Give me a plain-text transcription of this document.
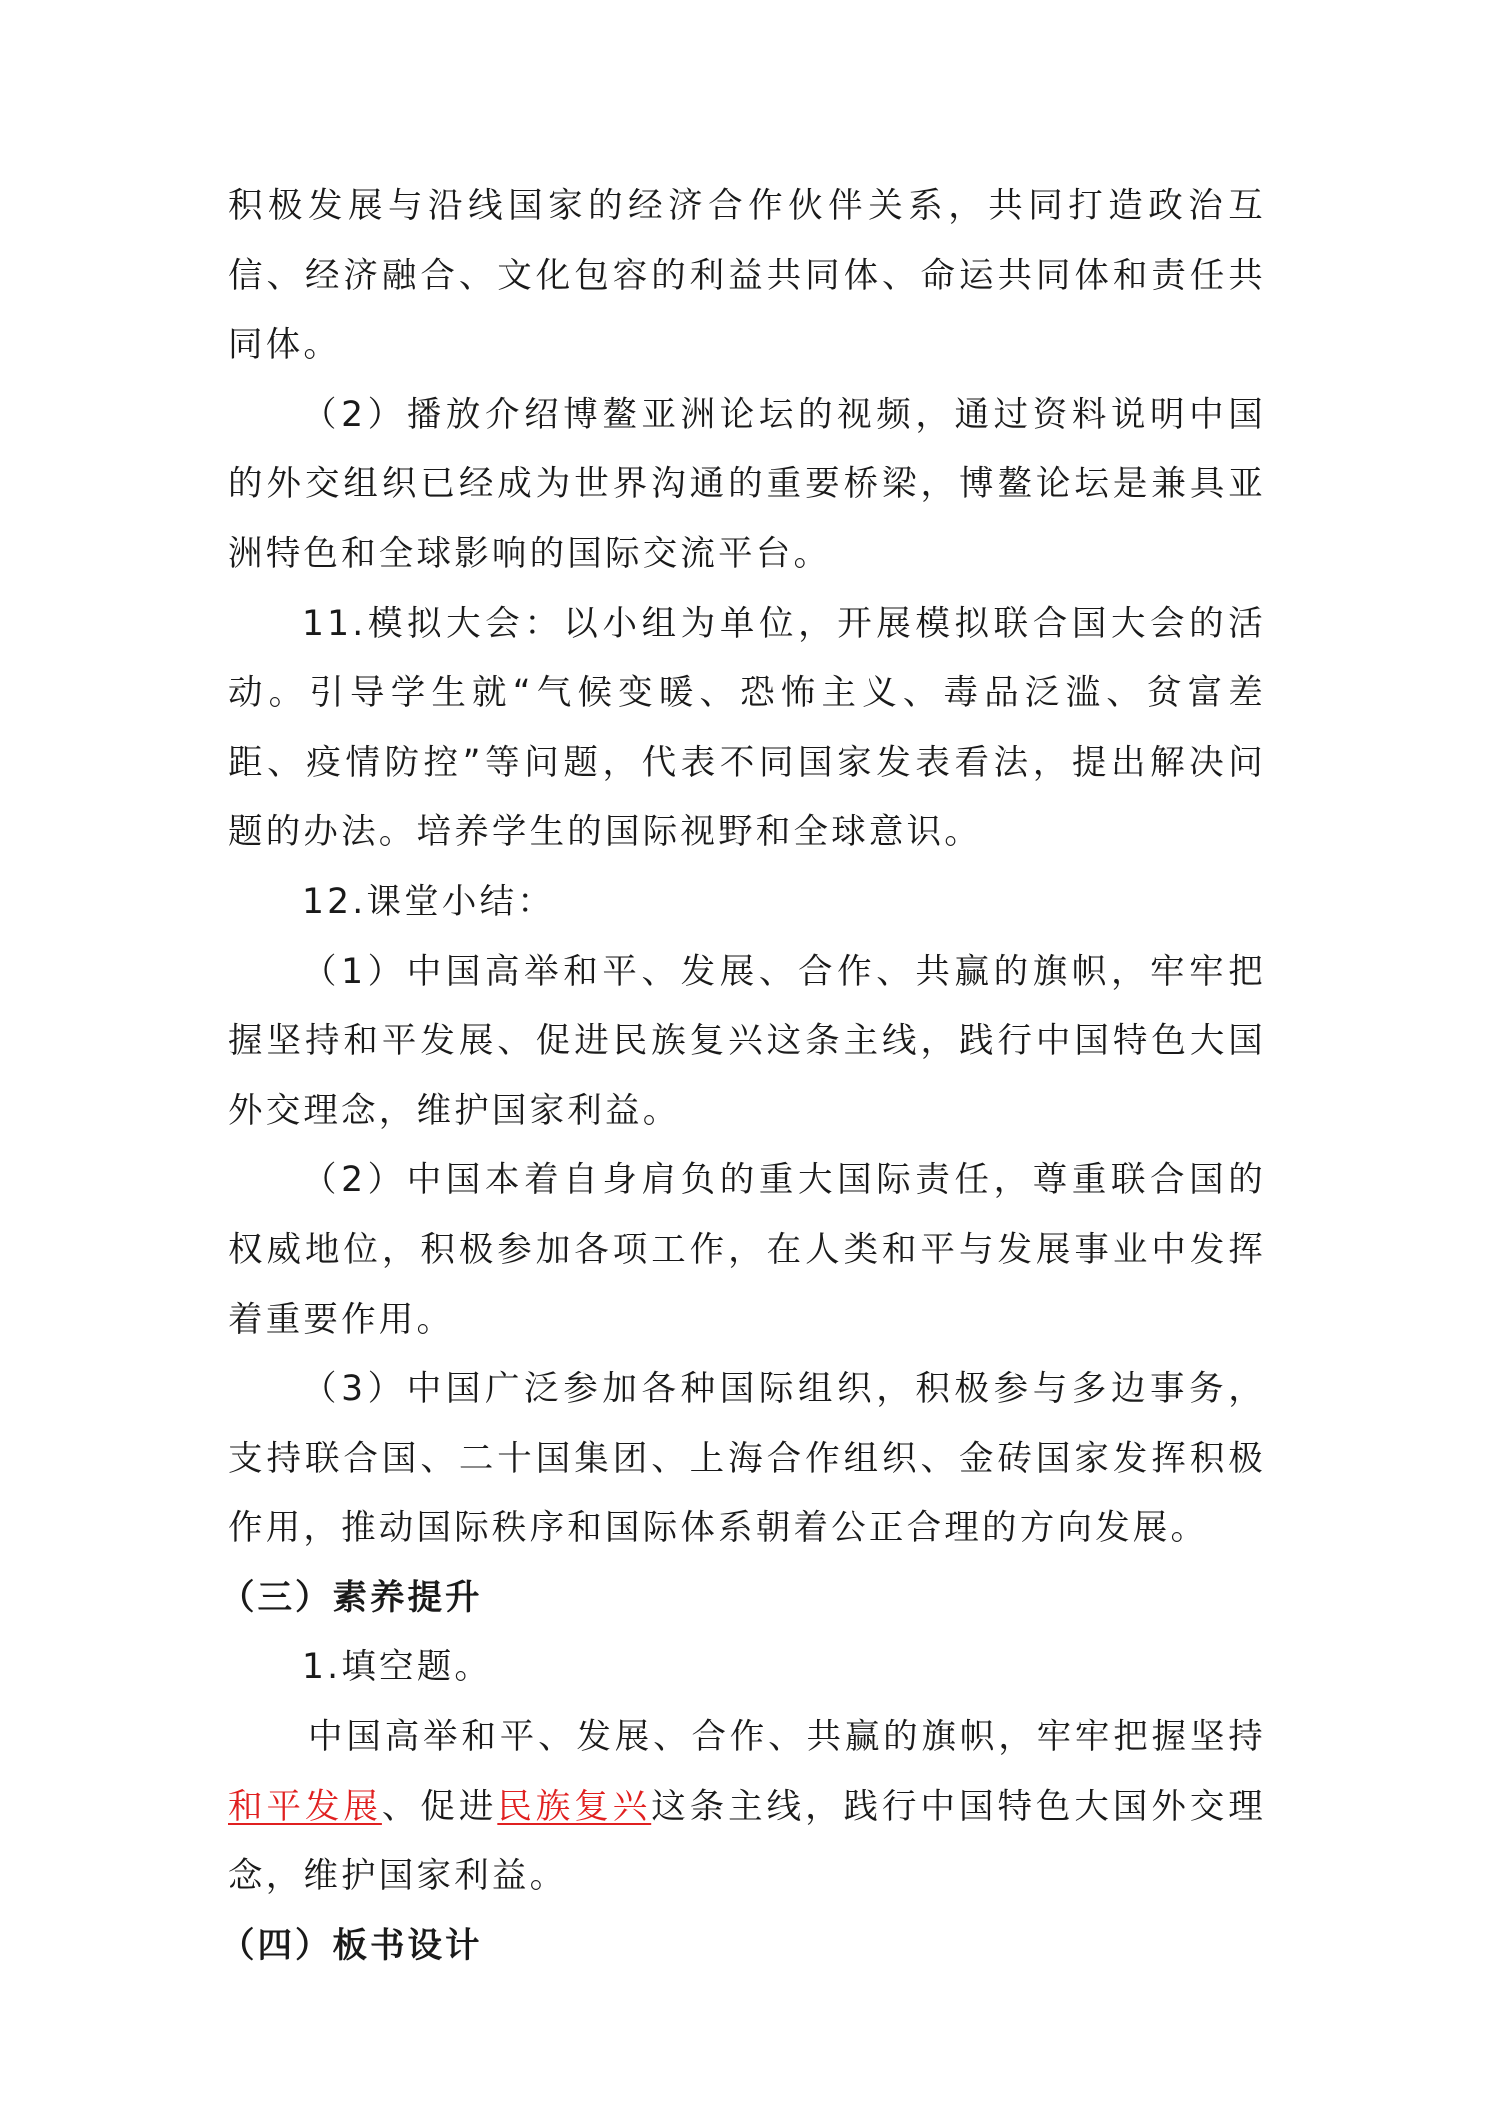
积极发展与沿线国家的经济合作伙伴关系，共同打造政治互信、经济融合、文化包容的利益共同体、命运共同体和责任共同体。

（2）播放介绍博鳌亚洲论坛的视频，通过资料说明中国的外交组织已经成为世界沟通的重要桥梁，博鳌论坛是兼具亚洲特色和全球影响的国际交流平台。

11.模拟大会：以小组为单位，开展模拟联合国大会的活动。引导学生就“气候变暖、恐怖主义、毒品泛滥、贫富差距、疫情防控”等问题，代表不同国家发表看法，提出解决问题的办法。培养学生的国际视野和全球意识。

12.课堂小结：

（1）中国高举和平、发展、合作、共赢的旗帜，牢牢把握坚持和平发展、促进民族复兴这条主线，践行中国特色大国外交理念，维护国家利益。

（2）中国本着自身肩负的重大国际责任，尊重联合国的权威地位，积极参加各项工作，在人类和平与发展事业中发挥着重要作用。

（3）中国广泛参加各种国际组织，积极参与多边事务，支持联合国、二十国集团、上海合作组织、金砖国家发挥积极作用，推动国际秩序和国际体系朝着公正合理的方向发展。

（三）素养提升

1.填空题。

中国高举和平、发展、合作、共赢的旗帜，牢牢把握坚持和平发展、促进民族复兴这条主线，践行中国特色大国外交理念，维护国家利益。

（四）板书设计
